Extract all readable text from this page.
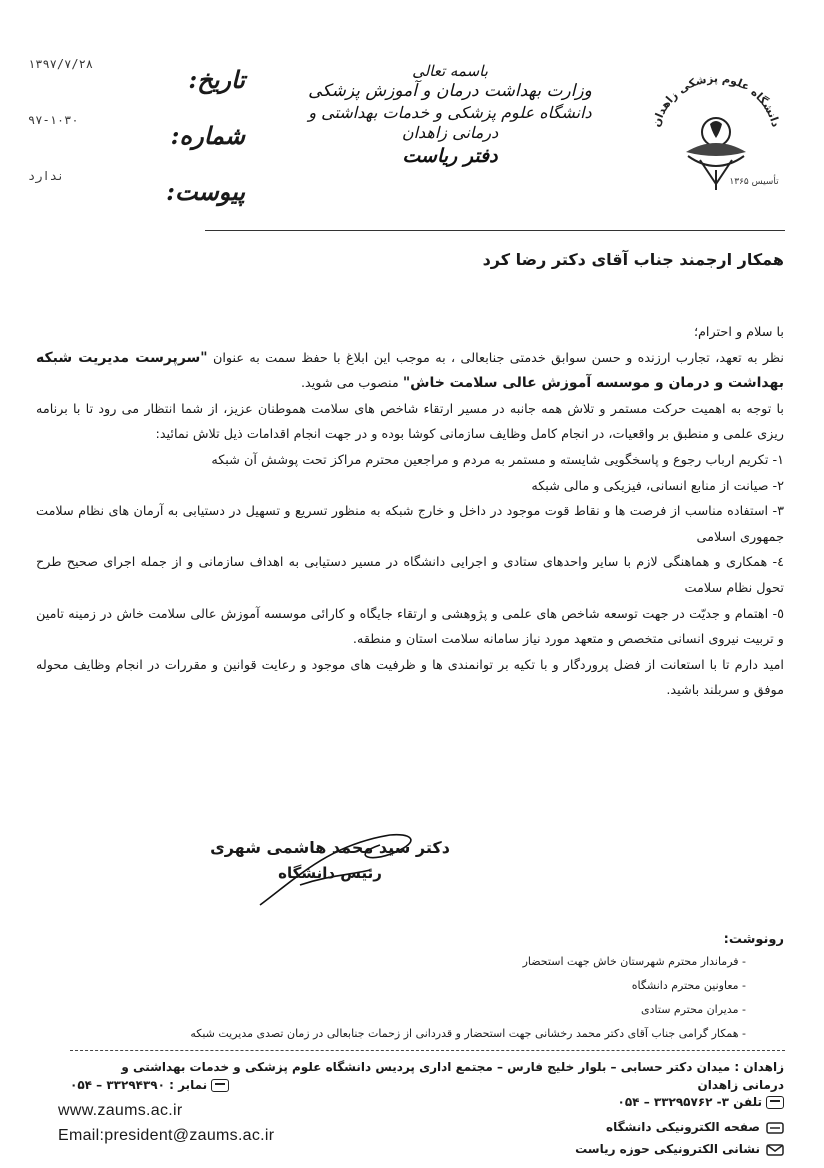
دانشگاه علوم پزشکی زاهدان
تأسیس ۱۳۶۵
باسمه تعالی
وزارت بهداشت درمان و آموزش پزشکی
دانشگاه علوم پزشکی و خدمات بهداشتی و درمانی زاهدان
دفتر ریاست
تاریخ:
شماره:
پیوست:
۱۳۹۷/۷/۲۸
۹۷-۱۰۳۰
ندارد
همکار ارجمند جناب آقای دکتر رضا کرد

با سلام و احترام؛

نظر به تعهد، تجارب ارزنده و حسن سوابق خدمتی جنابعالی ، به موجب این ابلاغ با حفظ سمت به عنوان "سرپرست مدیریت شبکه بهداشت و درمان و موسسه آموزش عالی سلامت خاش" منصوب می شوید.

با توجه به اهمیت حرکت مستمر و تلاش همه جانبه در مسیر ارتقاء شاخص های سلامت هموطنان عزیز، از شما انتظار می رود تا با برنامه ریزی علمی و منطبق بر واقعیات، در انجام کامل وظایف سازمانی کوشا بوده و در جهت انجام اقدامات ذیل تلاش نمائید:

۱- تکریم ارباب رجوع و پاسخگویی شایسته و مستمر به مردم و مراجعین محترم مراکز تحت پوشش آن شبکه

۲- صیانت از منابع انسانی، فیزیکی و مالی شبکه

۳- استفاده مناسب از فرصت ها و نقاط قوت موجود در داخل و خارج شبکه به منظور تسریع و تسهیل در دستیابی به آرمان های نظام سلامت جمهوری اسلامی

٤- همکاری و هماهنگی لازم با سایر واحدهای ستادی و اجرایی دانشگاه در مسیر دستیابی به اهداف سازمانی و از جمله اجرای صحیح طرح تحول نظام سلامت

٥- اهتمام و جدیّت در جهت توسعه شاخص های علمی و پژوهشی و ارتقاء جایگاه و کارائی موسسه آموزش عالی سلامت خاش در زمینه تامین و تربیت نیروی انسانی متخصص و متعهد مورد نیاز سامانه سلامت استان و منطقه.

امید دارم تا با استعانت از فضل پروردگار و با تکیه بر توانمندی ها و ظرفیت های موجود و رعایت قوانین و مقررات در انجام وظایف محوله موفق و سربلند باشید.

دکتر سید محمد هاشمی شهری
رئیس دانشگاه
رونوشت:
- فرماندار محترم شهرستان خاش جهت استحضار
- معاونین محترم دانشگاه
- مدیران محترم ستادی
- همکار گرامی جناب آقای دکتر محمد رخشانی جهت استحضار و قدردانی از زحمات جنابعالی در زمان تصدی مدیریت شبکه
زاهدان : میدان دکتر حسابی – بلوار خلیج فارس – مجتمع اداری پردیس دانشگاه علوم پزشکی و خدمات بهداشتی و درمانی زاهدان
تلفن ۳- ۳۳۲۹۵۷۶۲ – ۰۵۴
نمابر : ۳۳۲۹۴۳۹۰ – ۰۵۴
www.zaums.ac.ir
Email:president@zaums.ac.ir	صفحه الکترونیکی دانشگاه
نشانی الکترونیکی حوزه ریاست
